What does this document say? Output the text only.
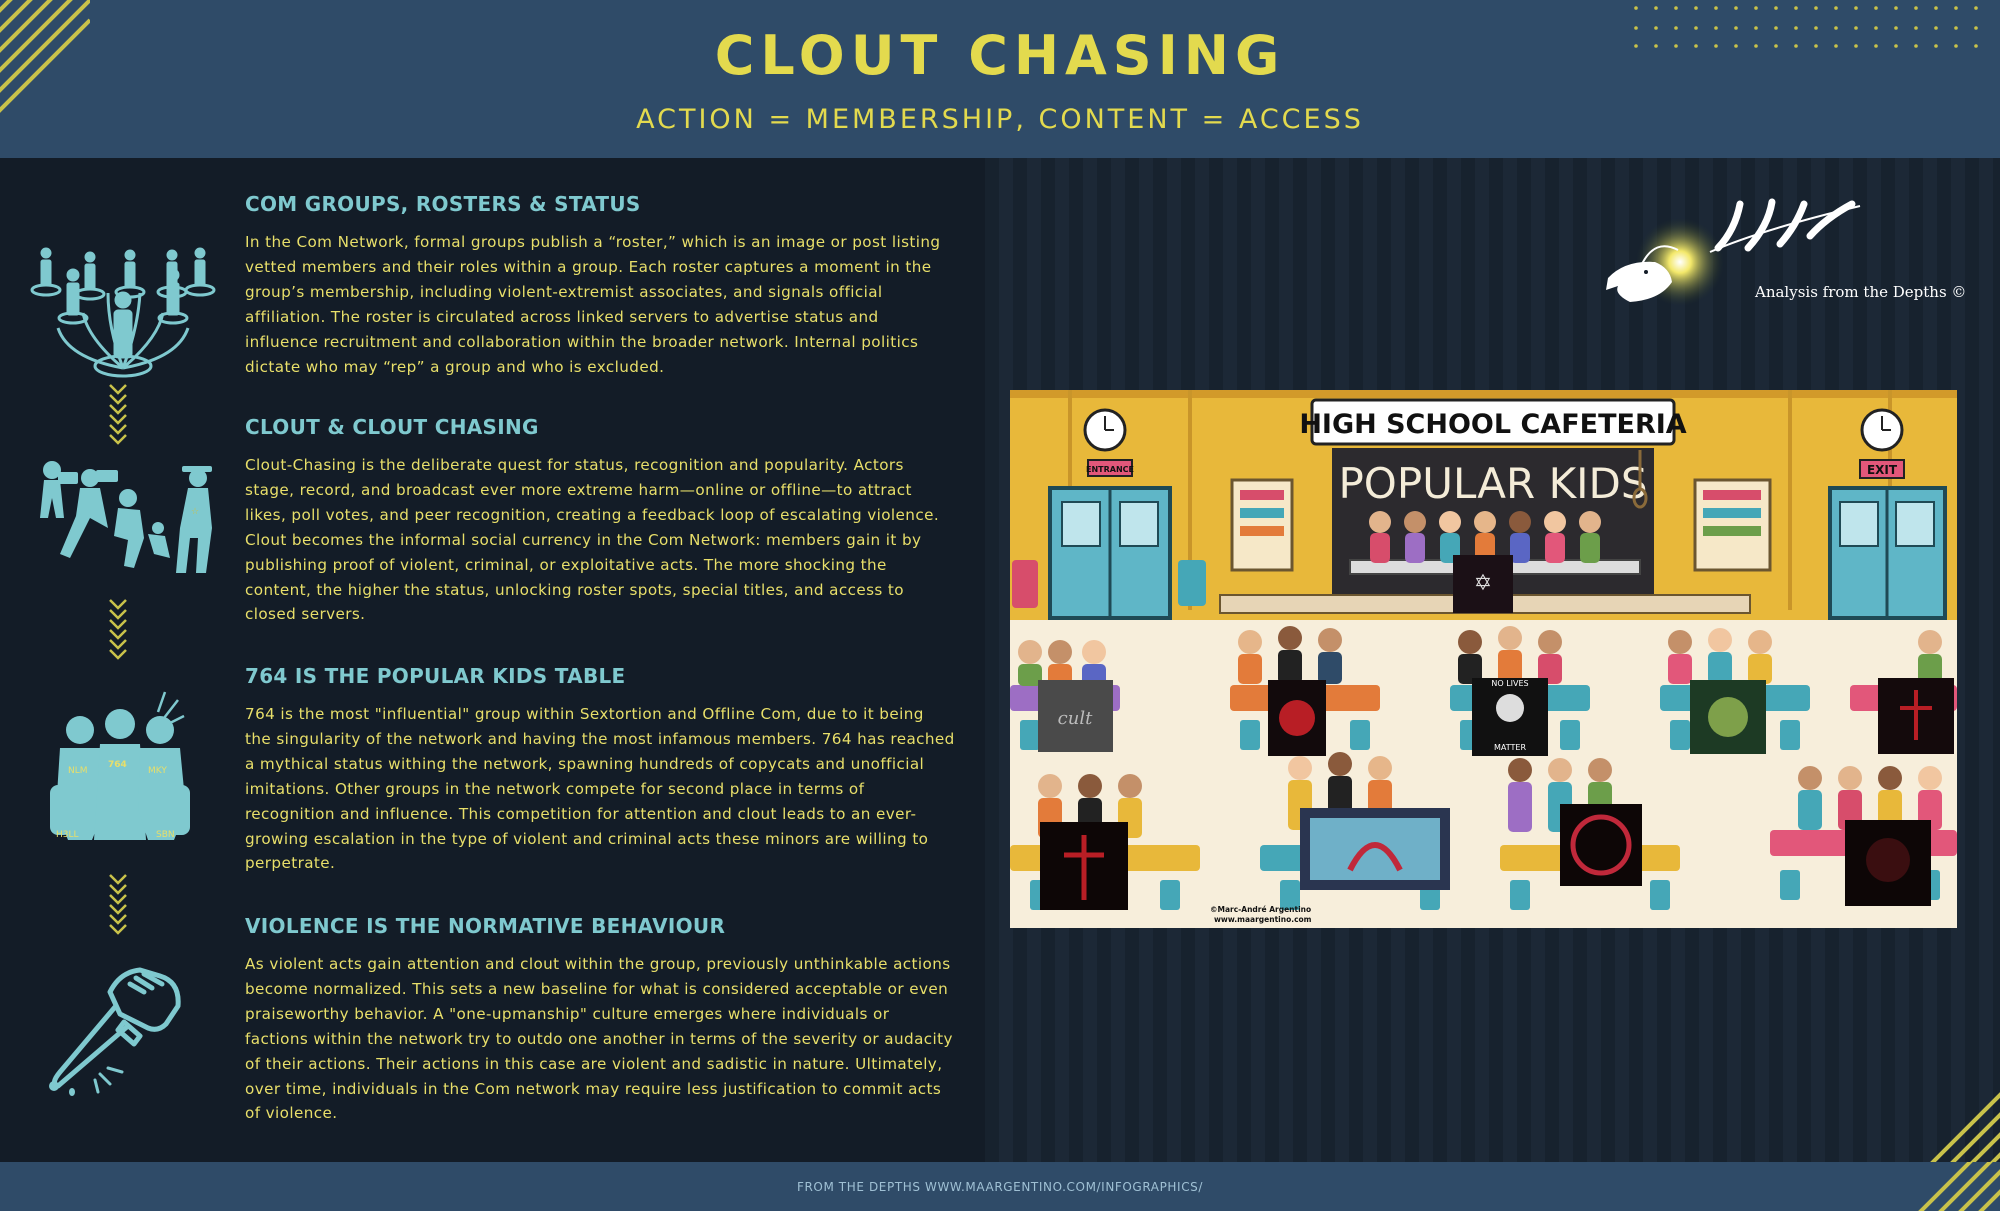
CLOUT CHASING
ACTION = MEMBERSHIP, CONTENT = ACCESS
☆
NLM
764
MKY
H3LL	SBN
COM GROUPS, ROSTERS & STATUS
In the Com Network, formal groups publish a “roster,” which is an image or post listing vetted members and their roles within a group. Each roster captures a moment in the group’s membership, including violent-extremist associates, and signals official affiliation. The roster is circulated across linked servers to advertise status and influence recruitment and collaboration within the broader network. Internal politics dictate who may “rep” a group and who is excluded.
CLOUT & CLOUT CHASING
Clout-Chasing is the deliberate quest for status, recognition and popularity. Actors stage, record, and broadcast ever more extreme harm—online or offline—to attract likes, poll votes, and peer recognition, creating a feedback loop of escalating violence. Clout becomes the informal social currency in the Com Network: members gain it by publishing proof of violent, criminal, or exploitative acts. The more shocking the content, the higher the status, unlocking roster spots, special titles, and access to closed servers.
764 IS THE POPULAR KIDS TABLE
764 is the most "influential" group within Sextortion and Offline Com, due to it being the singularity of the network and having the most infamous members. 764 has reached a mythical status withing the network, spawning hundreds of copycats and unofficial imitations. Other groups in the network compete for second place in terms of recognition and influence. This competition for attention and clout leads to an ever-growing escalation in the type of violent and criminal acts these minors are willing to perpetrate.
VIOLENCE IS THE NORMATIVE BEHAVIOUR
As violent acts gain attention and clout within the group, previously unthinkable actions become normalized. This sets a new baseline for what is considered acceptable or even praiseworthy behavior. A "one-upmanship" culture emerges where individuals or factions within the network try to outdo one another in terms of the severity or audacity of their actions. Their actions in this case are violent and sadistic in nature. Ultimately, over time, individuals in the Com network may require less justification to commit acts of violence.
Analysis from the Depths ©
HIGH SCHOOL CAFETERIA
POPULAR KIDS
ENTRANCE	EXIT
✡
cult
NO LIVES
MATTER
©Marc-André Argentino
www.maargentino.com
FROM THE DEPTHS WWW.MAARGENTINO.COM/INFOGRAPHICS/
